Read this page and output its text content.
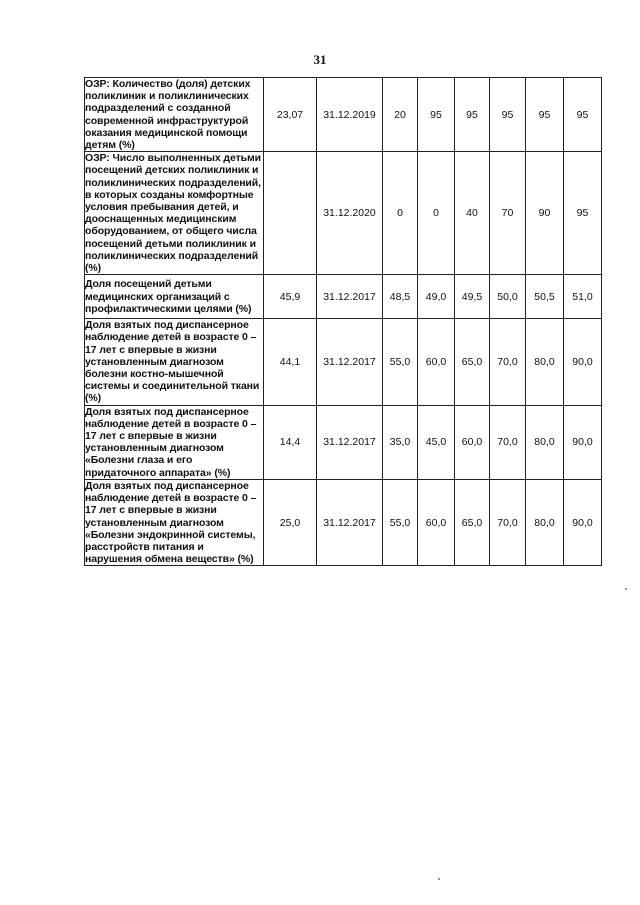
31
ОЗР: Количество (доля) детских поликлиник и поликлинических подразделений с созданной современной инфраструктурой оказания медицинской помощи детям (%)	23,07	31.12.2019	20	95	95	95	95	95
ОЗР: Число выполненных детьми посещений детских поликлиник и поликлинических подразделений, в которых созданы комфортные условия пребывания детей, и дооснащенных медицинским оборудованием, от общего числа посещений детьми поликлиник и поликлинических подразделений (%)		31.12.2020	0	0	40	70	90	95
Доля посещений детьми медицинских организаций с профилактическими целями (%)	45,9	31.12.2017	48,5	49,0	49,5	50,0	50,5	51,0
Доля взятых под диспансерное наблюдение детей в возрасте 0 – 17 лет с впервые в жизни установленным диагнозом болезни костно-мышечной системы и соединительной ткани (%)	44,1	31.12.2017	55,0	60,0	65,0	70,0	80,0	90,0
Доля взятых под диспансерное наблюдение детей в возрасте 0 – 17 лет с впервые в жизни установленным диагнозом «Болезни глаза и его придаточного аппарата» (%)	14,4	31.12.2017	35,0	45,0	60,0	70,0	80,0	90,0
Доля взятых под диспансерное наблюдение детей в возрасте 0 – 17 лет с впервые в жизни установленным диагнозом «Болезни эндокринной системы, расстройств питания и нарушения обмена веществ» (%)	25,0	31.12.2017	55,0	60,0	65,0	70,0	80,0	90,0
